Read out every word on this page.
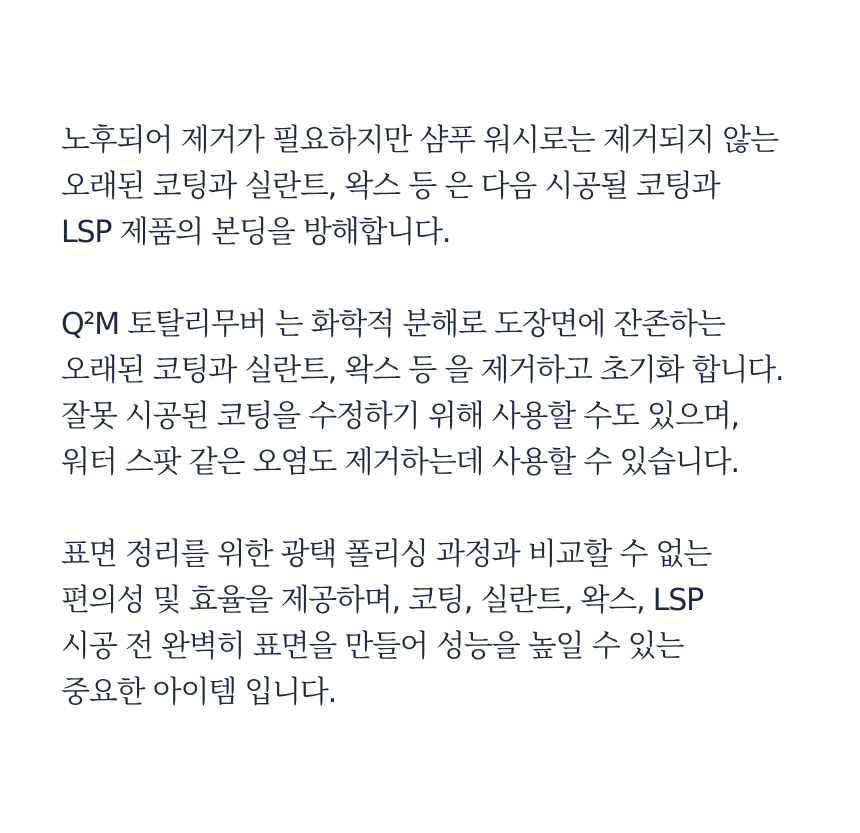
노후되어 제거가 필요하지만 샴푸 워시로는 제거되지 않는
오래된 코팅과 실란트, 왁스 등 은 다음 시공될 코팅과
LSP 제품의 본딩을 방해합니다.

Q²M 토탈리무버 는 화학적 분해로 도장면에 잔존하는
오래된 코팅과 실란트, 왁스 등 을 제거하고 초기화 합니다.
잘못 시공된 코팅을 수정하기 위해 사용할 수도 있으며,
워터 스팟 같은 오염도 제거하는데 사용할 수 있습니다.

표면 정리를 위한 광택 폴리싱 과정과 비교할 수 없는
편의성 및 효율을 제공하며, 코팅, 실란트, 왁스, LSP
시공 전 완벽히 표면을 만들어 성능을 높일 수 있는
중요한 아이템 입니다.
